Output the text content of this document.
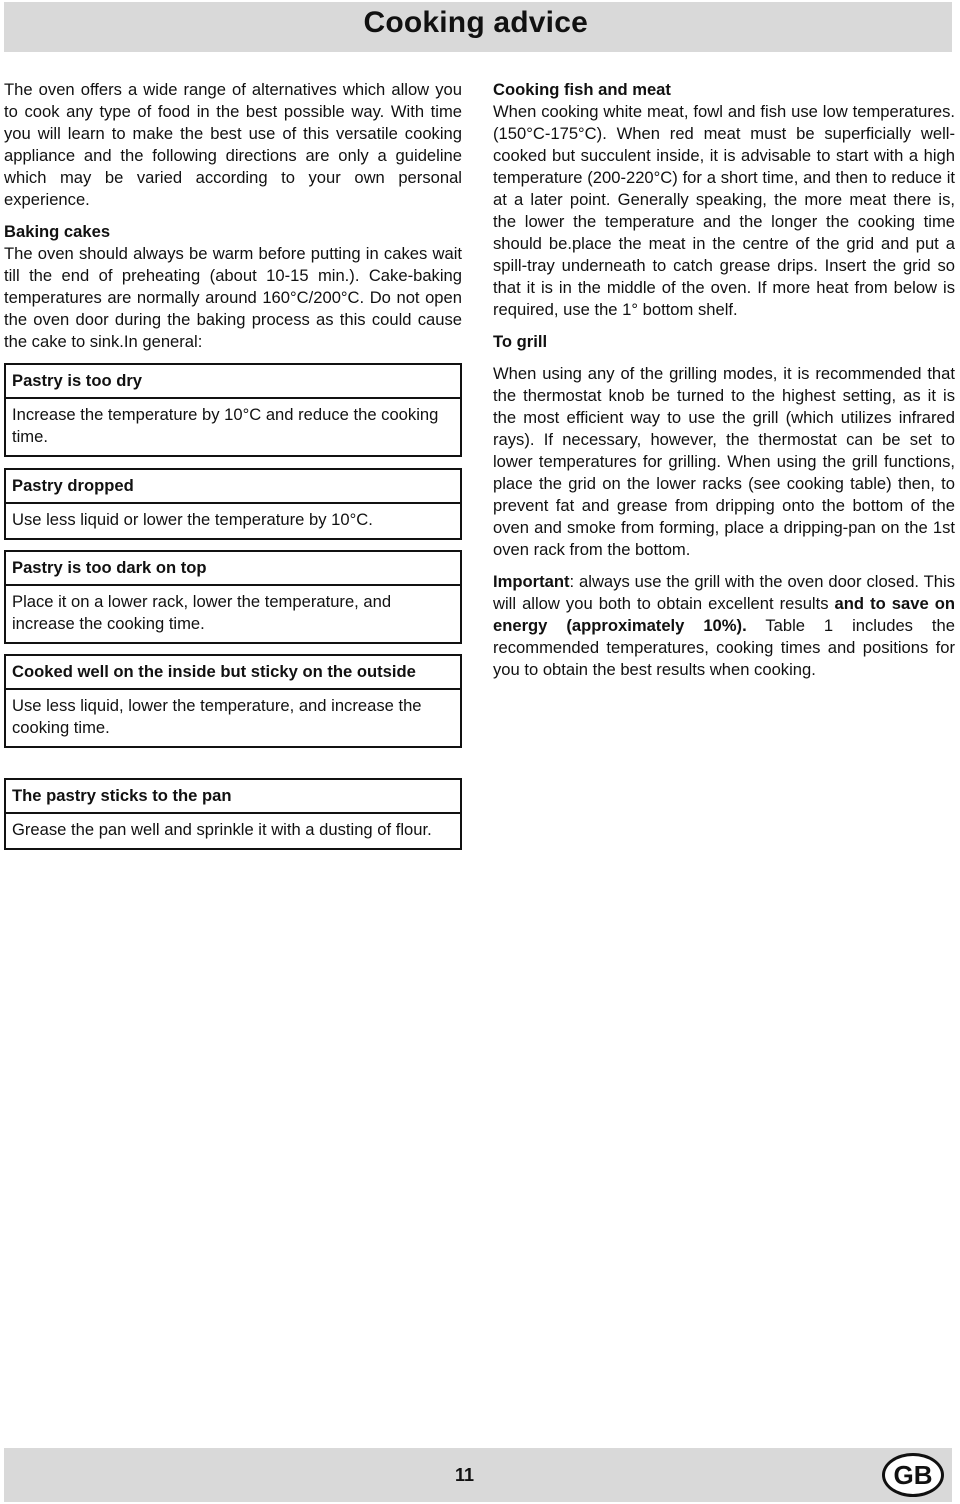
Cooking advice

The oven offers a wide range of alternatives which allow you to cook any type of food in the best possible way. With time you will learn to make the best use of this versatile cooking appliance and the following directions are only a guideline which may be varied according to your own personal experience.

Baking cakes

The oven should always be warm before putting in cakes wait till the end of preheating (about 10-15 min.). Cake-baking temperatures are normally around 160°C/200°C. Do not open the oven door during the baking process as this could cause the cake to sink.In general:

Pastry is too dry
Increase the temperature by 10°C and reduce the cooking time.
Pastry dropped
Use less liquid or lower the temperature by 10°C.
Pastry is too dark on top
Place it on a lower rack, lower the temperature, and increase the cooking time.
Cooked well on the inside but sticky on the outside
Use less liquid, lower the temperature, and increase the cooking time.
The pastry sticks to the pan
Grease the pan well and sprinkle it with a dusting of flour.

Cooking fish and meat

When cooking white meat, fowl and fish use low temperatures. (150°C-175°C). When red meat must be superficially well-cooked but succulent inside, it is advisable to start with a high temperature (200-220°C) for a short time, and then to reduce it at a later point. Generally speaking, the more meat there is, the lower the temperature and the longer the cooking time should be.place the meat in the centre of the grid and put a spill-tray underneath to catch grease drips. Insert the grid so that it is in the middle of the oven. If more heat from below is required, use the 1° bottom shelf.

To grill

When using any of the grilling modes, it is recommended that the thermostat knob be turned to the highest setting, as it is the most efficient way to use the grill (which utilizes infrared rays). If necessary, however, the thermostat can be set to lower temperatures for grilling. When using the grill functions, place the grid on the lower racks (see cooking table) then, to prevent fat and grease from dripping onto the bottom of the oven and smoke from forming, place a dripping-pan on the 1st oven rack from the bottom.

Important: always use the grill with the oven door closed. This will allow you both to obtain excellent results and to save on energy (approximately 10%). Table 1 includes the recommended temperatures, cooking times and positions for you to obtain the best results when cooking.

11	GB
